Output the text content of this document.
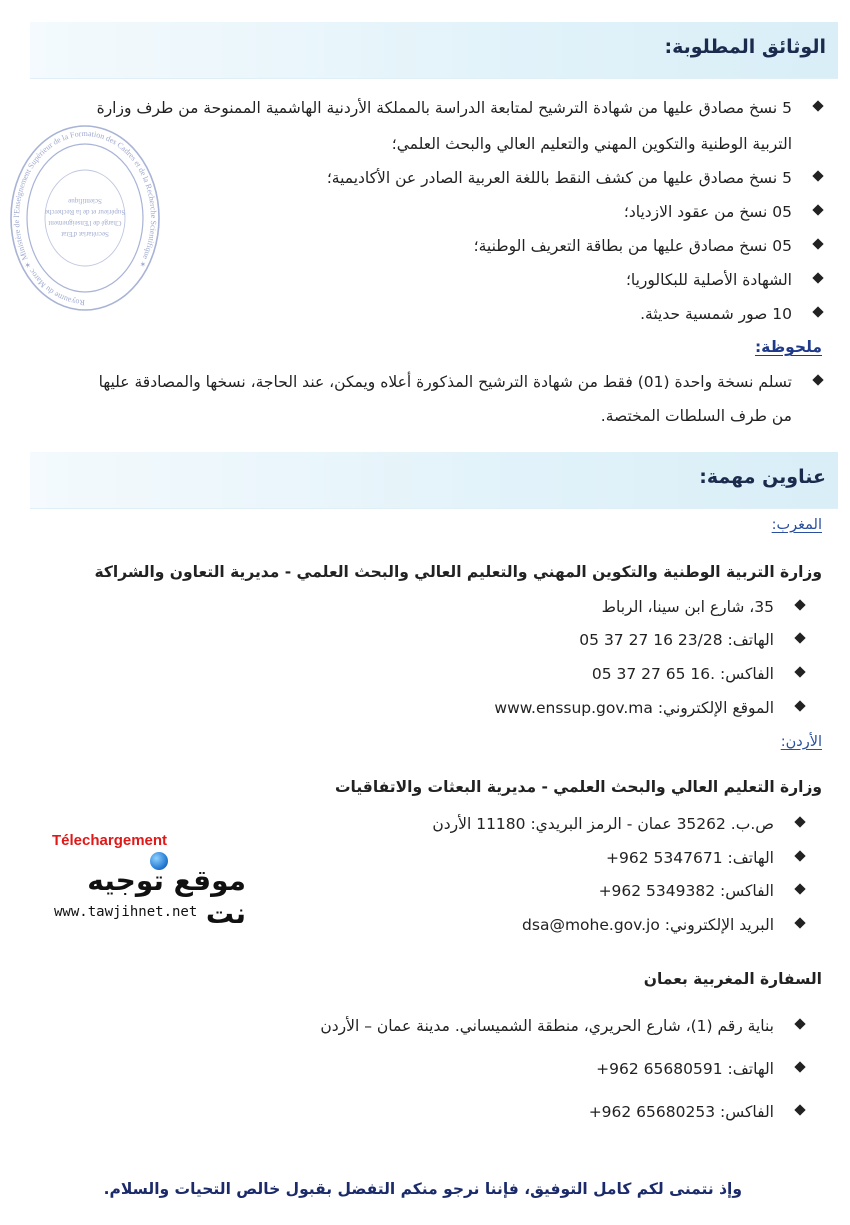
Secrétariat d'Etat
Chargé de l'Enseignement
Supérieur et de la Recherche
Scientifique
Royaume du Maroc ✶ Ministère de l'Enseignement Supérieur de la Formation des Cadres et de la Recherche Scientifique ✶
الوثائق المطلوبة:
5 نسخ مصادق عليها من شهادة الترشيح لمتابعة الدراسة بالمملكة الأردنية الهاشمية الممنوحة من طرف وزارة
التربية الوطنية والتكوين المهني والتعليم العالي والبحث العلمي؛
5 نسخ مصادق عليها من كشف النقط باللغة العربية الصادر عن الأكاديمية؛
05 نسخ من عقود الازدياد؛
05 نسخ مصادق عليها من بطاقة التعريف الوطنية؛
الشهادة الأصلية للبكالوريا؛
10 صور شمسية حديثة.
ملحوظة:
تسلم نسخة واحدة (01) فقط من شهادة الترشيح المذكورة أعلاه ويمكن، عند الحاجة، نسخها والمصادقة عليها
من طرف السلطات المختصة.
عناوين مهمة:
المغرب:
وزارة التربية الوطنية والتكوين المهني والتعليم العالي والبحث العلمي - مديرية التعاون والشراكة
35، شارع ابن سينا، الرباط
الهاتف: 05 37 27 16 23/28
الفاكس: 05 37 27 65 16.
الموقع الإلكتروني: www.enssup.gov.ma
الأردن:
وزارة التعليم العالي والبحث العلمي - مديرية البعثات والاتفاقيات
ص.ب. 35262 عمان - الرمز البريدي: 11180 الأردن
الهاتف: +962 5347671
الفاكس: +962 5349382
البريد الإلكتروني: dsa@mohe.gov.jo
السفارة المغربية بعمان
بناية رقم (1)، شارع الحريري، منطقة الشميساني. مدينة عمان – الأردن
الهاتف: +962 65680591
الفاكس: +962 65680253
وإذ نتمنى لكم كامل التوفيق، فإننا نرجو منكم التفضل بقبول خالص التحيات والسلام.
Télechargement
موقع توجيه نت
www.tawjihnet.net
